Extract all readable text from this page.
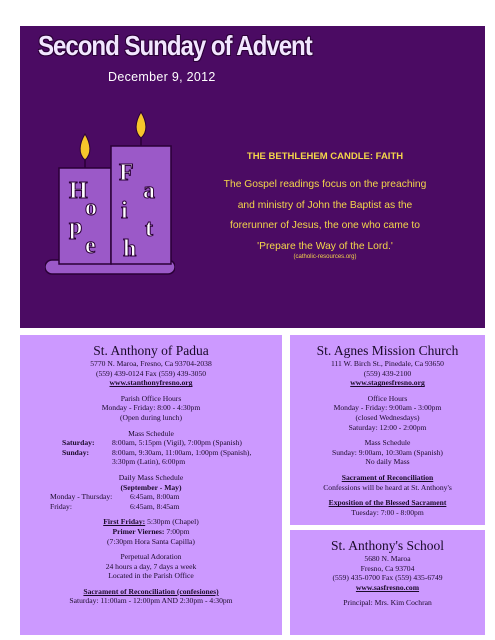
Second Sunday of Advent
December 9, 2012
H
o
p
e
F
a
i
t
h
THE BETHLEHEM CANDLE: FAITH
The Gospel readings focus on the preaching
and ministry of John the Baptist as the
forerunner of Jesus, the one who came to
'Prepare the Way of the Lord.'
(catholic-resources.org)
St. Anthony of Padua
5770 N. Maroa, Fresno, Ca 93704-2038
(559) 439-0124 Fax (559) 439-3050
www.stanthonyfresno.org
Parish Office Hours
Monday - Friday: 8:00 - 4:30pm
(Open during lunch)
Mass Schedule
Saturday: 8:00am, 5:15pm (Vigil), 7:00pm (Spanish)
Sunday:	8:00am, 9:30am, 11:00am, 1:00pm (Spanish),
3:30pm (Latin), 6:00pm
Daily Mass Schedule
(September - May)
Monday - Thursday: 6:45am, 8:00am
Friday:	6:45am, 8:45am
First Friday: 5:30pm (Chapel)
Primer Viernes: 7:00pm
(7:30pm Hora Santa Capilla)
Perpetual Adoration
24 hours a day, 7 days a week
Located in the Parish Office
Sacrament of Reconciliation (confesiones)
Saturday: 11:00am - 12:00pm AND 2:30pm - 4:30pm
St. Agnes Mission Church
111 W. Birch St., Pinedale, Ca 93650
(559) 439-2100
www.stagnesfresno.org
Office Hours
Monday - Friday: 9:00am - 3:00pm
(closed Wednesdays)
Saturday: 12:00 - 2:00pm
Mass Schedule
Sunday: 9:00am, 10:30am (Spanish)
No daily Mass
Sacrament of Reconciliation
Confessions will be heard at St. Anthony's
Exposition of the Blessed Sacrament
Tuesday: 7:00 - 8:00pm
St. Anthony's School
5680 N. Maroa
Fresno, Ca 93704
(559) 435-0700 Fax (559) 435-6749
www.sasfresno.com
Principal: Mrs. Kim Cochran
